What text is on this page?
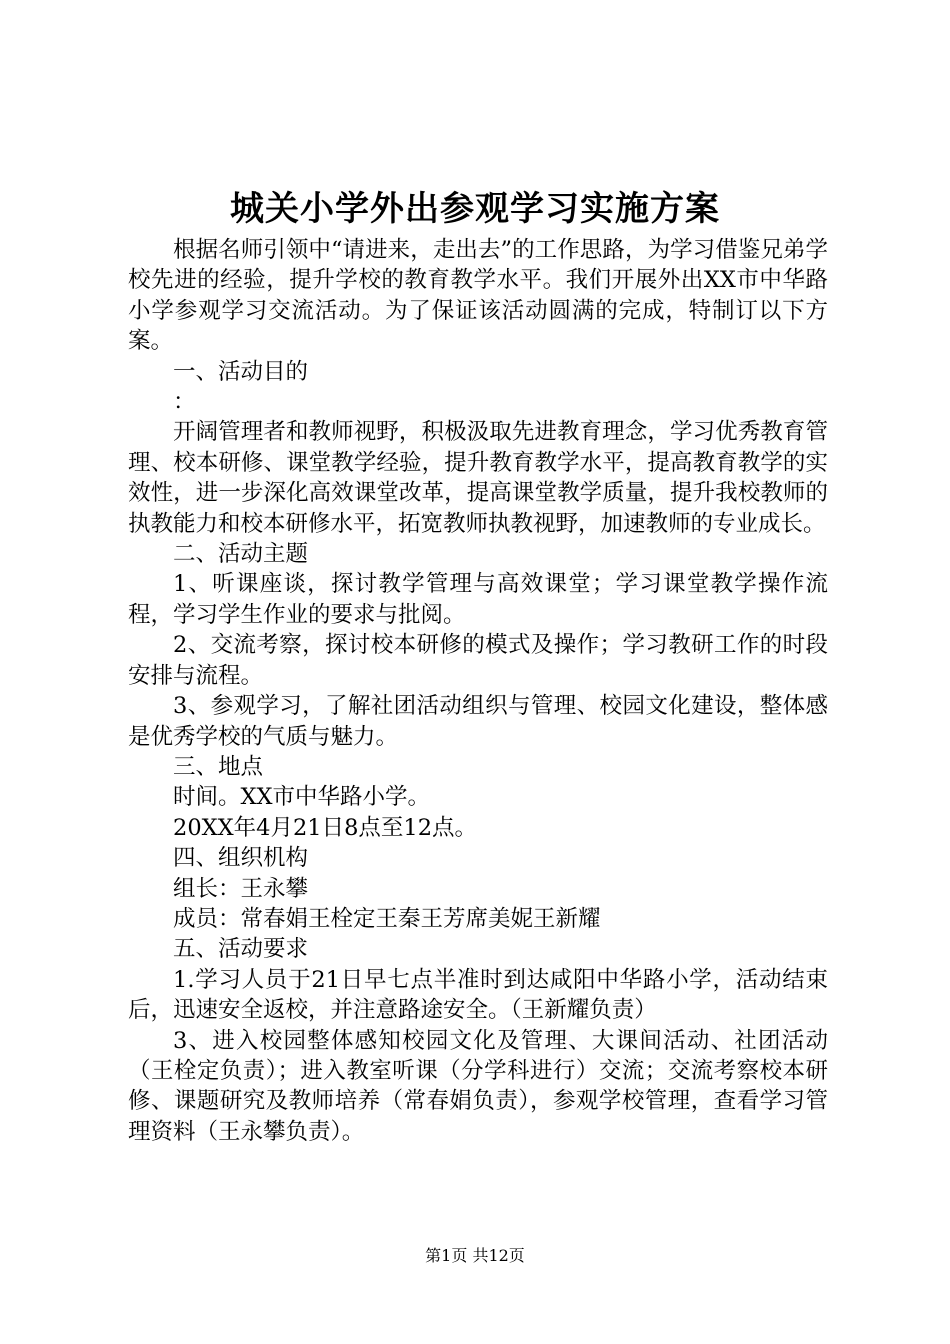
城关小学外出参观学习实施方案

根据名师引领中“请进来，走出去”的工作思路，为学习借鉴兄弟学校先进的经验，提升学校的教育教学水平。我们开展外出XX市中华路小学参观学习交流活动。为了保证该活动圆满的完成，特制订以下方案。

一、活动目的

：

开阔管理者和教师视野，积极汲取先进教育理念，学习优秀教育管理、校本研修、课堂教学经验，提升教育教学水平，提高教育教学的实效性，进一步深化高效课堂改革，提高课堂教学质量，提升我校教师的执教能力和校本研修水平，拓宽教师执教视野，加速教师的专业成长。

二、活动主题

1、听课座谈，探讨教学管理与高效课堂；学习课堂教学操作流程，学习学生作业的要求与批阅。

2、交流考察，探讨校本研修的模式及操作；学习教研工作的时段安排与流程。

3、参观学习，了解社团活动组织与管理、校园文化建设，整体感是优秀学校的气质与魅力。

三、地点

时间。XX市中华路小学。

20XX年4月21日8点至12点。

四、组织机构

组长：王永攀

成员：常春娟王栓定王秦王芳席美妮王新耀

五、活动要求

1.学习人员于21日早七点半准时到达咸阳中华路小学，活动结束后，迅速安全返校，并注意路途安全。（王新耀负责）

3、进入校园整体感知校园文化及管理、大课间活动、社团活动（王栓定负责）；进入教室听课（分学科进行）交流；交流考察校本研修、课题研究及教师培养（常春娟负责），参观学校管理，查看学习管理资料（王永攀负责）。

第1页 共12页
